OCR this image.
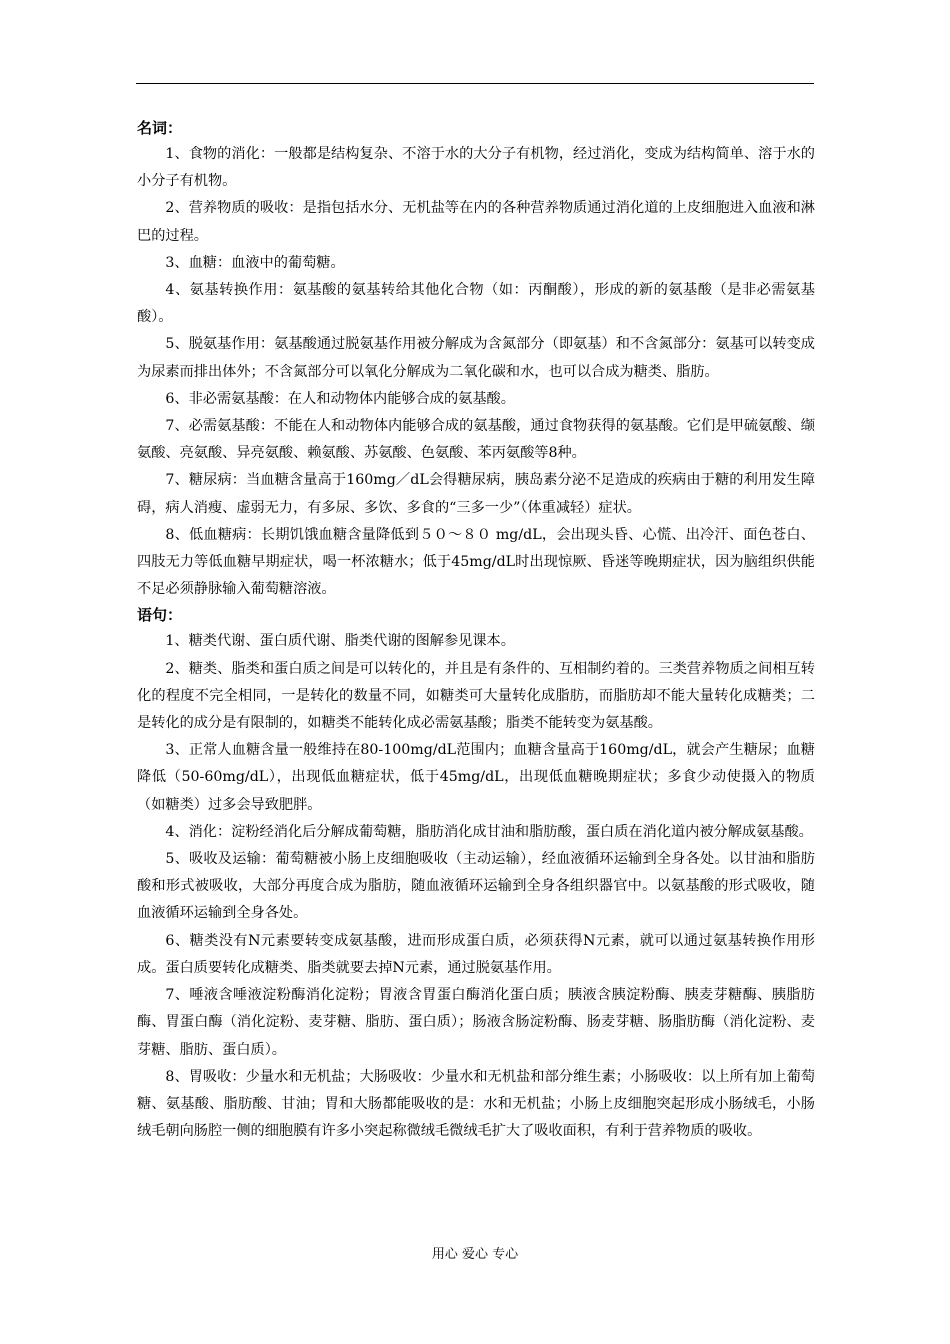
名词：

1、食物的消化：一般都是结构复杂、不溶于水的大分子有机物，经过消化，变成为结构简单、溶于水的小分子有机物。

2、营养物质的吸收：是指包括水分、无机盐等在内的各种营养物质通过消化道的上皮细胞进入血液和淋巴的过程。

3、血糖：血液中的葡萄糖。

4、氨基转换作用：氨基酸的氨基转给其他化合物（如：丙酮酸），形成的新的氨基酸（是非必需氨基酸）。

5、脱氨基作用：氨基酸通过脱氨基作用被分解成为含氮部分（即氨基）和不含氮部分：氨基可以转变成为尿素而排出体外；不含氮部分可以氧化分解成为二氧化碳和水，也可以合成为糖类、脂肪。

6、非必需氨基酸：在人和动物体内能够合成的氨基酸。

7、必需氨基酸：不能在人和动物体内能够合成的氨基酸，通过食物获得的氨基酸。它们是甲硫氨酸、缬氨酸、亮氨酸、异亮氨酸、赖氨酸、苏氨酸、色氨酸、苯丙氨酸等8种。

7、糖尿病：当血糖含量高于160mg／dL会得糖尿病，胰岛素分泌不足造成的疾病由于糖的利用发生障碍，病人消瘦、虚弱无力，有多尿、多饮、多食的“三多一少”（体重减轻）症状。

8、低血糖病：长期饥饿血糖含量降低到５０～８０ mg/dL，会出现头昏、心慌、出冷汗、面色苍白、四肢无力等低血糖早期症状，喝一杯浓糖水；低于45mg/dL时出现惊厥、昏迷等晚期症状，因为脑组织供能不足必须静脉输入葡萄糖溶液。

语句：

1、糖类代谢、蛋白质代谢、脂类代谢的图解参见课本。

2、糖类、脂类和蛋白质之间是可以转化的，并且是有条件的、互相制约着的。三类营养物质之间相互转化的程度不完全相同，一是转化的数量不同，如糖类可大量转化成脂肪，而脂肪却不能大量转化成糖类；二是转化的成分是有限制的，如糖类不能转化成必需氨基酸；脂类不能转变为氨基酸。

3、正常人血糖含量一般维持在80-100mg/dL范围内；血糖含量高于160mg/dL，就会产生糖尿；血糖降低（50-60mg/dL），出现低血糖症状，低于45mg/dL，出现低血糖晚期症状；多食少动使摄入的物质（如糖类）过多会导致肥胖。

4、消化：淀粉经消化后分解成葡萄糖，脂肪消化成甘油和脂肪酸，蛋白质在消化道内被分解成氨基酸。

5、吸收及运输：葡萄糖被小肠上皮细胞吸收（主动运输），经血液循环运输到全身各处。以甘油和脂肪酸和形式被吸收，大部分再度合成为脂肪，随血液循环运输到全身各组织器官中。以氨基酸的形式吸收，随血液循环运输到全身各处。

6、糖类没有N元素要转变成氨基酸，进而形成蛋白质，必须获得N元素，就可以通过氨基转换作用形成。蛋白质要转化成糖类、脂类就要去掉N元素，通过脱氨基作用。

7、唾液含唾液淀粉酶消化淀粉；胃液含胃蛋白酶消化蛋白质；胰液含胰淀粉酶、胰麦芽糖酶、胰脂肪酶、胃蛋白酶（消化淀粉、麦芽糖、脂肪、蛋白质）；肠液含肠淀粉酶、肠麦芽糖、肠脂肪酶（消化淀粉、麦芽糖、脂肪、蛋白质）。

8、胃吸收：少量水和无机盐；大肠吸收：少量水和无机盐和部分维生素；小肠吸收：以上所有加上葡萄糖、氨基酸、脂肪酸、甘油；胃和大肠都能吸收的是：水和无机盐；小肠上皮细胞突起形成小肠绒毛，小肠绒毛朝向肠腔一侧的细胞膜有许多小突起称微绒毛微绒毛扩大了吸收面积，有利于营养物质的吸收。

用心 爱心 专心
